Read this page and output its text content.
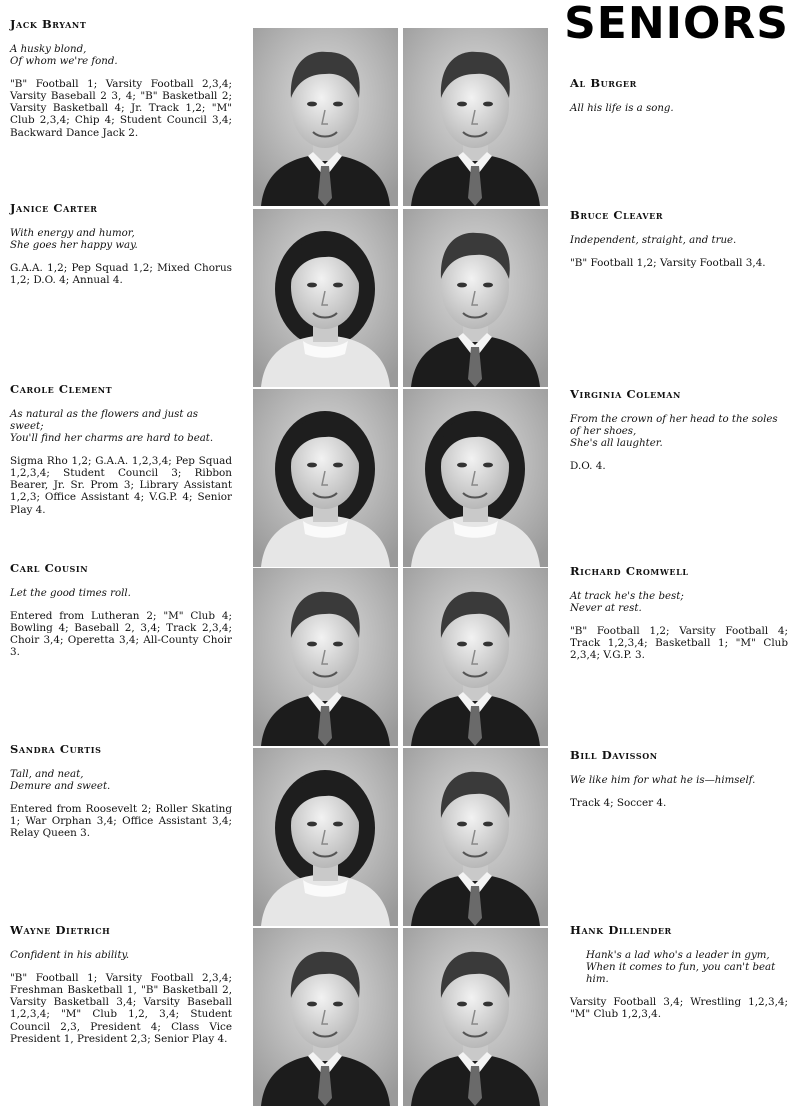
SENIORS
Jack Bryant
A husky blond,
Of whom we're fond.
"B" Football 1; Varsity Football 2,3,4; Varsity Baseball 2 3, 4; "B" Basketball 2; Varsity Basketball 4; Jr. Track 1,2; "M" Club 2,3,4; Chip 4; Student Council 3,4; Backward Dance Jack 2.
Janice Carter
With energy and humor,
She goes her happy way.
G.A.A. 1,2; Pep Squad 1,2; Mixed Chorus 1,2; D.O. 4; Annual 4.
Carole Clement
As natural as the flowers and just as sweet;
You'll find her charms are hard to beat.
Sigma Rho 1,2; G.A.A. 1,2,3,4; Pep Squad 1,2,3,4; Student Council 3; Ribbon Bearer, Jr. Sr. Prom 3; Library Assistant 1,2,3; Office Assistant 4; V.G.P. 4; Senior Play 4.
Carl Cousin
Let the good times roll.
Entered from Lutheran 2; "M" Club 4; Bowling 4; Baseball 2, 3,4; Track 2,3,4; Choir 3,4; Operetta 3,4; All-County Choir 3.
Sandra Curtis
Tall, and neat,
Demure and sweet.
Entered from Roosevelt 2; Roller Skating 1; War Orphan 3,4; Office Assistant 3,4; Relay Queen 3.
Wayne Dietrich
Confident in his ability.
"B" Football 1; Varsity Football 2,3,4; Freshman Basketball 1, "B" Basketball 2, Varsity Basketball 3,4; Varsity Baseball 1,2,3,4; "M" Club 1,2, 3,4; Student Council 2,3, President 4; Class Vice President 1, President 2,3; Senior Play 4.
Al Burger
All his life is a song.
Bruce Cleaver
Independent, straight, and true.
"B" Football 1,2; Varsity Football 3,4.
Virginia Coleman
From the crown of her head to the soles of her shoes,
She's all laughter.
D.O. 4.
Richard Cromwell
At track he's the best;
Never at rest.
"B" Football 1,2; Varsity Football 4; Track 1,2,3,4; Basketball 1; "M" Club 2,3,4; V.G.P. 3.
Bill Davisson
We like him for what he is—himself.
Track 4; Soccer 4.
Hank Dillender
Hank's a lad who's a leader in gym,
When it comes to fun, you can't beat him.
Varsity Football 3,4; Wrestling 1,2,3,4; "M" Club 1,2,3,4.
